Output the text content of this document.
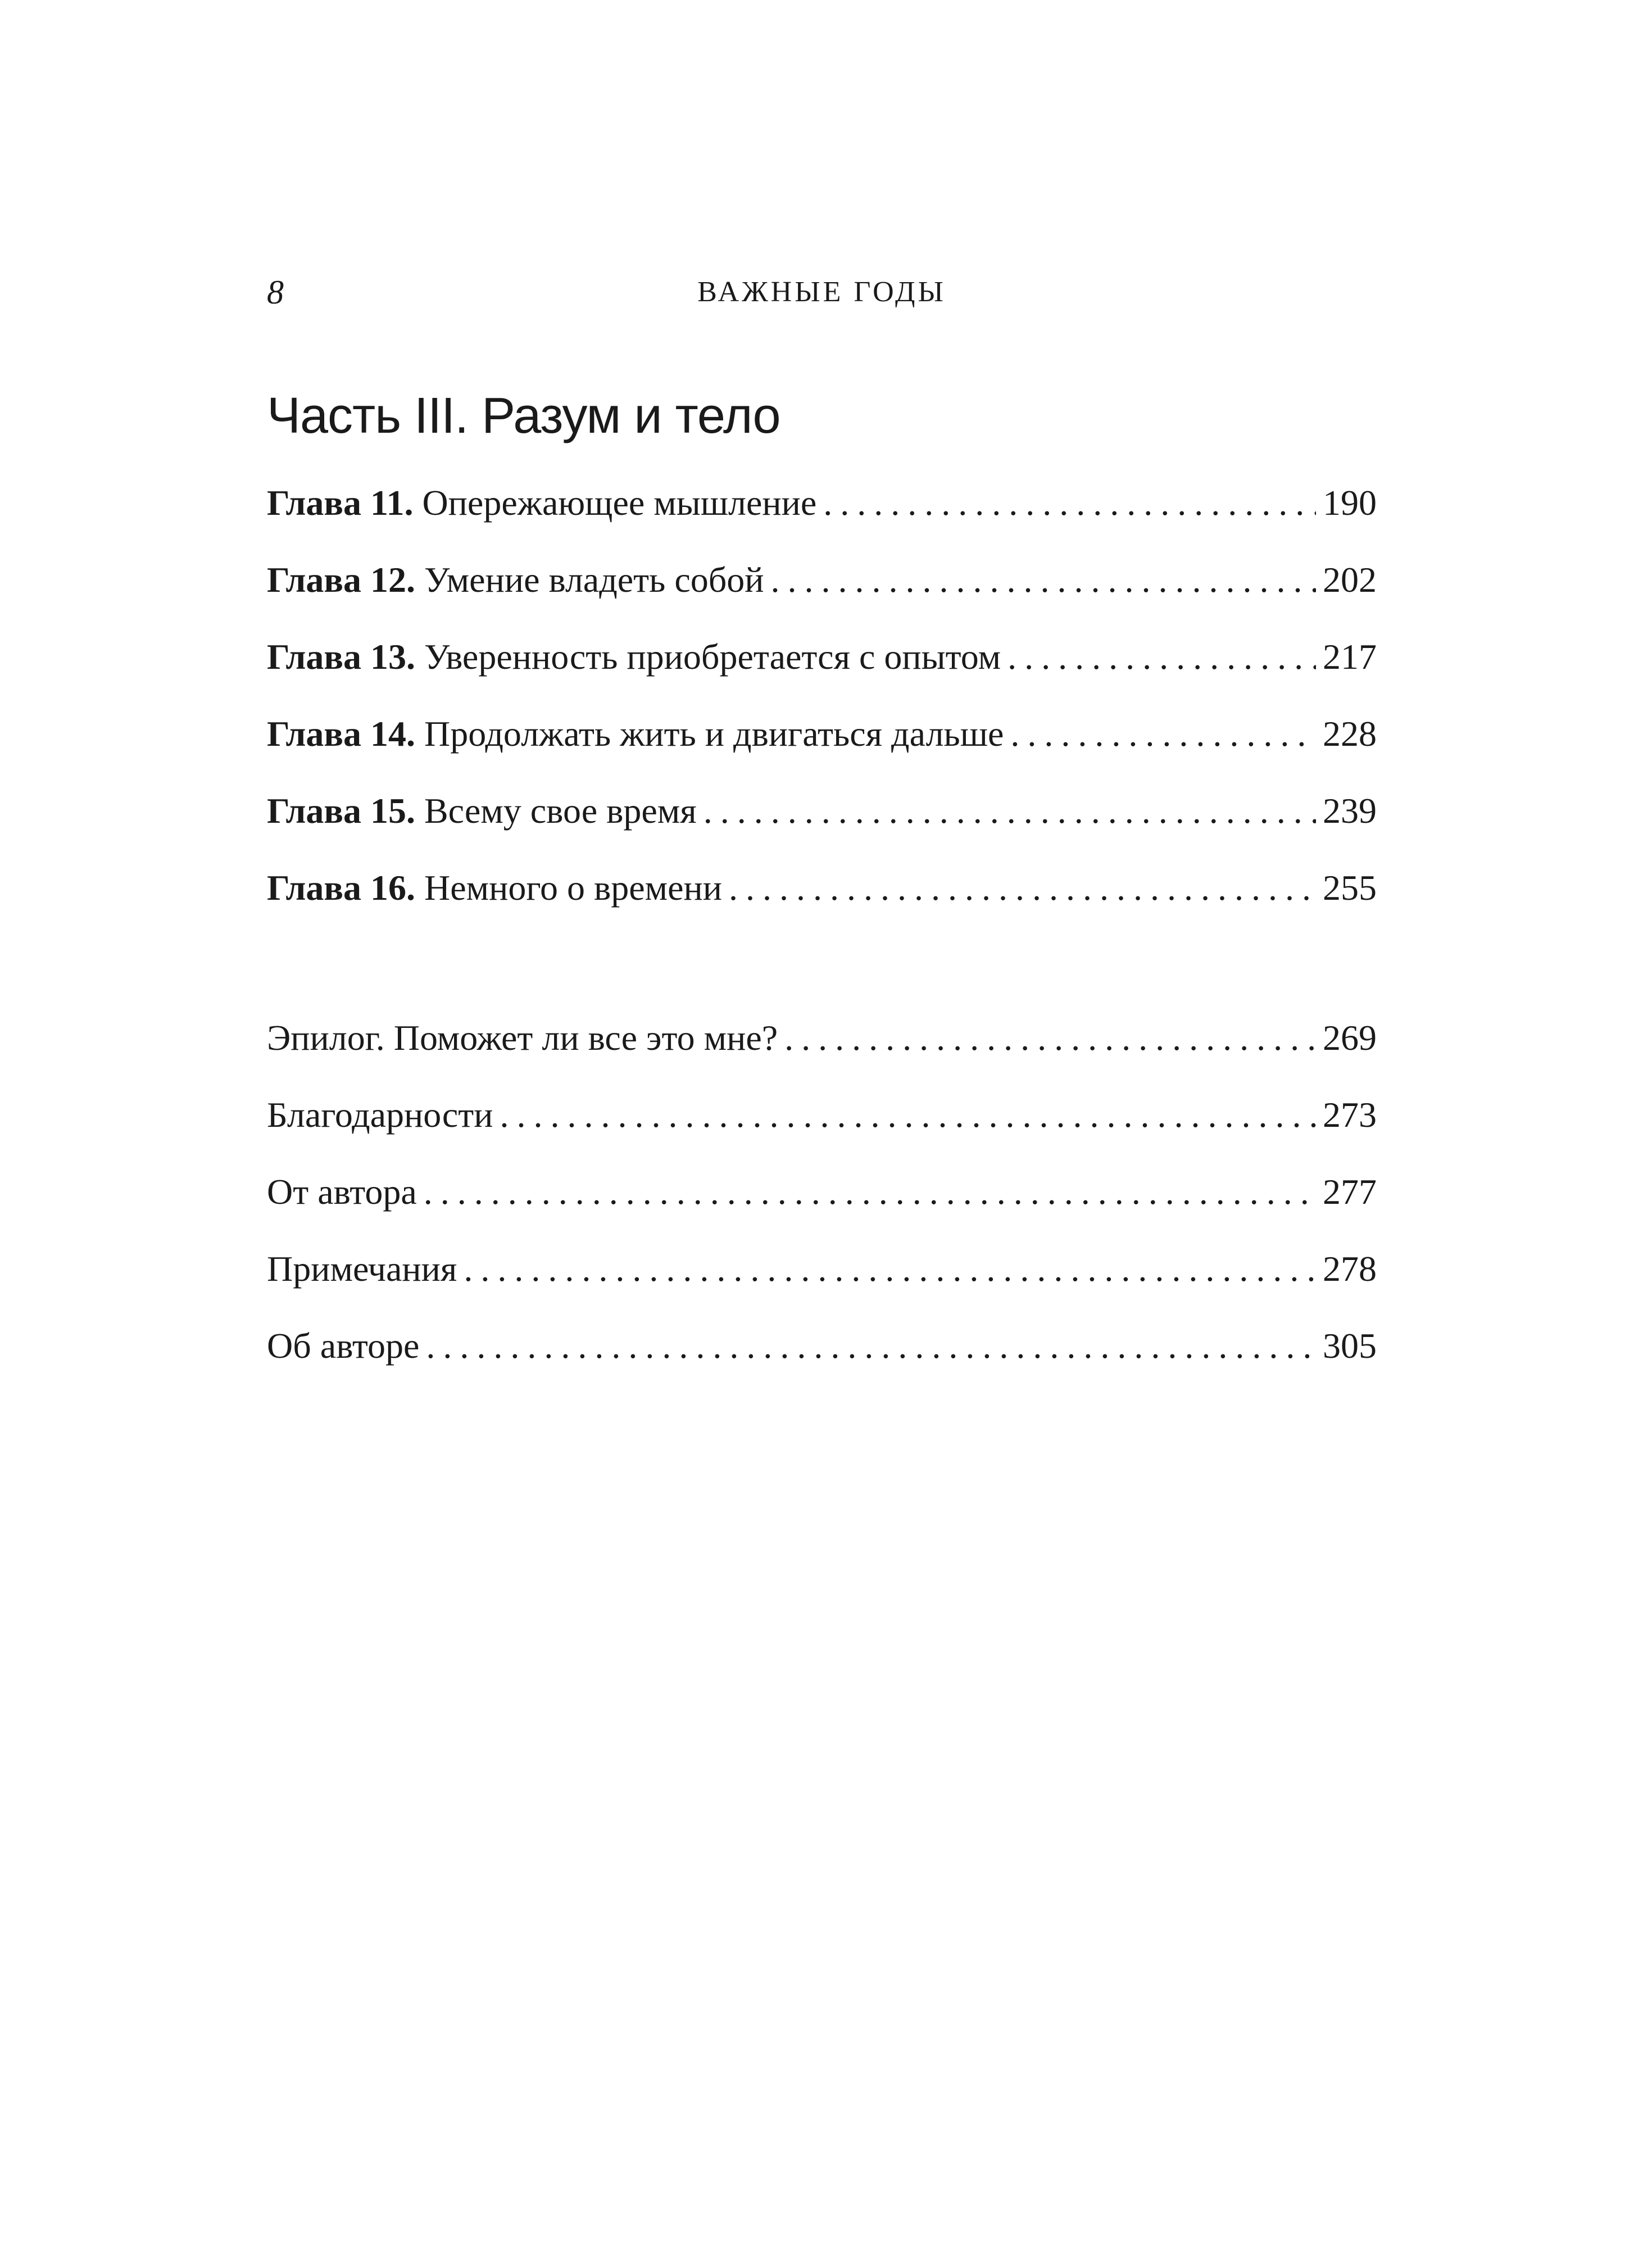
8	ВАЖНЫЕ ГОДЫ
Часть III. Разум и тело
Глава 11. Опережающее мышление .....	190
Глава 12. Умение владеть собой .....	202
Глава 13. Уверенность приобретается с опытом .....	217
Глава 14. Продолжать жить и двигаться дальше .....	228
Глава 15. Всему свое время .....	239
Глава 16. Немного о времени .....	255
Эпилог. Поможет ли все это мне? .....	269
Благодарности .....	273
От автора .....	277
Примечания .....	278
Об авторе .....	305
